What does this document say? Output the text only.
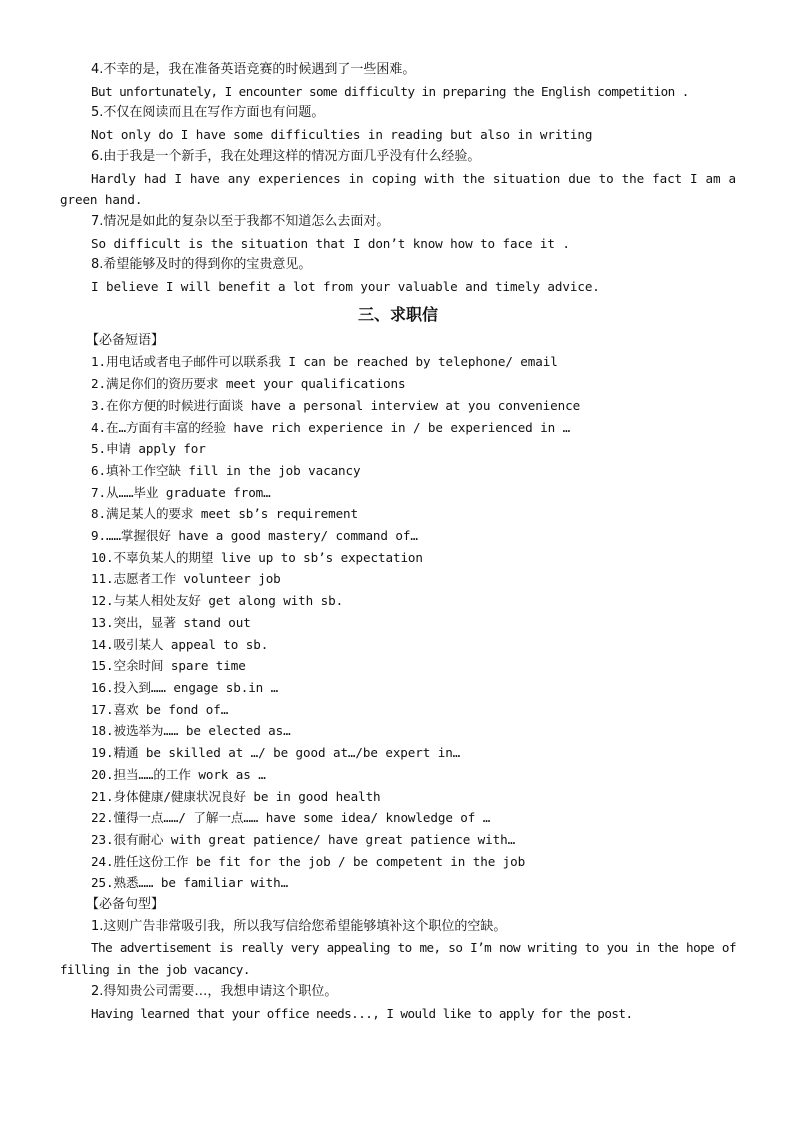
4.不幸的是，我在准备英语竞赛的时候遇到了一些困难。
But unfortunately, I encounter some difficulty in preparing the English competition .
5.不仅在阅读而且在写作方面也有问题。
Not only do I have some difficulties in reading but also in writing
6.由于我是一个新手，我在处理这样的情况方面几乎没有什么经验。
Hardly had I have any experiences in coping with the situation due to the fact I am a green hand.
7.情况是如此的复杂以至于我都不知道怎么去面对。
So difficult is the situation that I don’t know how to face it .
8.希望能够及时的得到你的宝贵意见。
I believe I will benefit a lot from your valuable and timely advice.
三、求职信
【必备短语】
1.用电话或者电子邮件可以联系我 I can be reached by telephone/ email
2.满足你们的资历要求 meet your qualifications
3.在你方便的时候进行面谈 have a personal interview at you convenience
4.在…方面有丰富的经验 have rich experience in / be experienced in …
5.申请 apply for
6.填补工作空缺 fill in the job vacancy
7.从……毕业 graduate from…
8.满足某人的要求 meet sb’s requirement
9.……掌握很好 have a good mastery/ command of…
10.不辜负某人的期望 live up to sb’s expectation
11.志愿者工作 volunteer job
12.与某人相处友好 get along with sb.
13.突出，显著 stand out
14.吸引某人 appeal to sb.
15.空余时间 spare time
16.投入到…… engage sb.in …
17.喜欢 be fond of…
18.被选举为…… be elected as…
19.精通 be skilled at …/ be good at…/be expert in…
20.担当……的工作 work as …
21.身体健康/健康状况良好 be in good health
22.懂得一点……/ 了解一点…… have some idea/ knowledge of …
23.很有耐心 with great patience/ have great patience with…
24.胜任这份工作 be fit for the job / be competent in the job
25.熟悉…… be familiar with…
【必备句型】
1.这则广告非常吸引我，所以我写信给您希望能够填补这个职位的空缺。
The advertisement is really very appealing to me, so I’m now writing to you in the hope of filling in the job vacancy.
2.得知贵公司需要…，我想申请这个职位。
Having learned that your office needs..., I would like to apply for the post.
